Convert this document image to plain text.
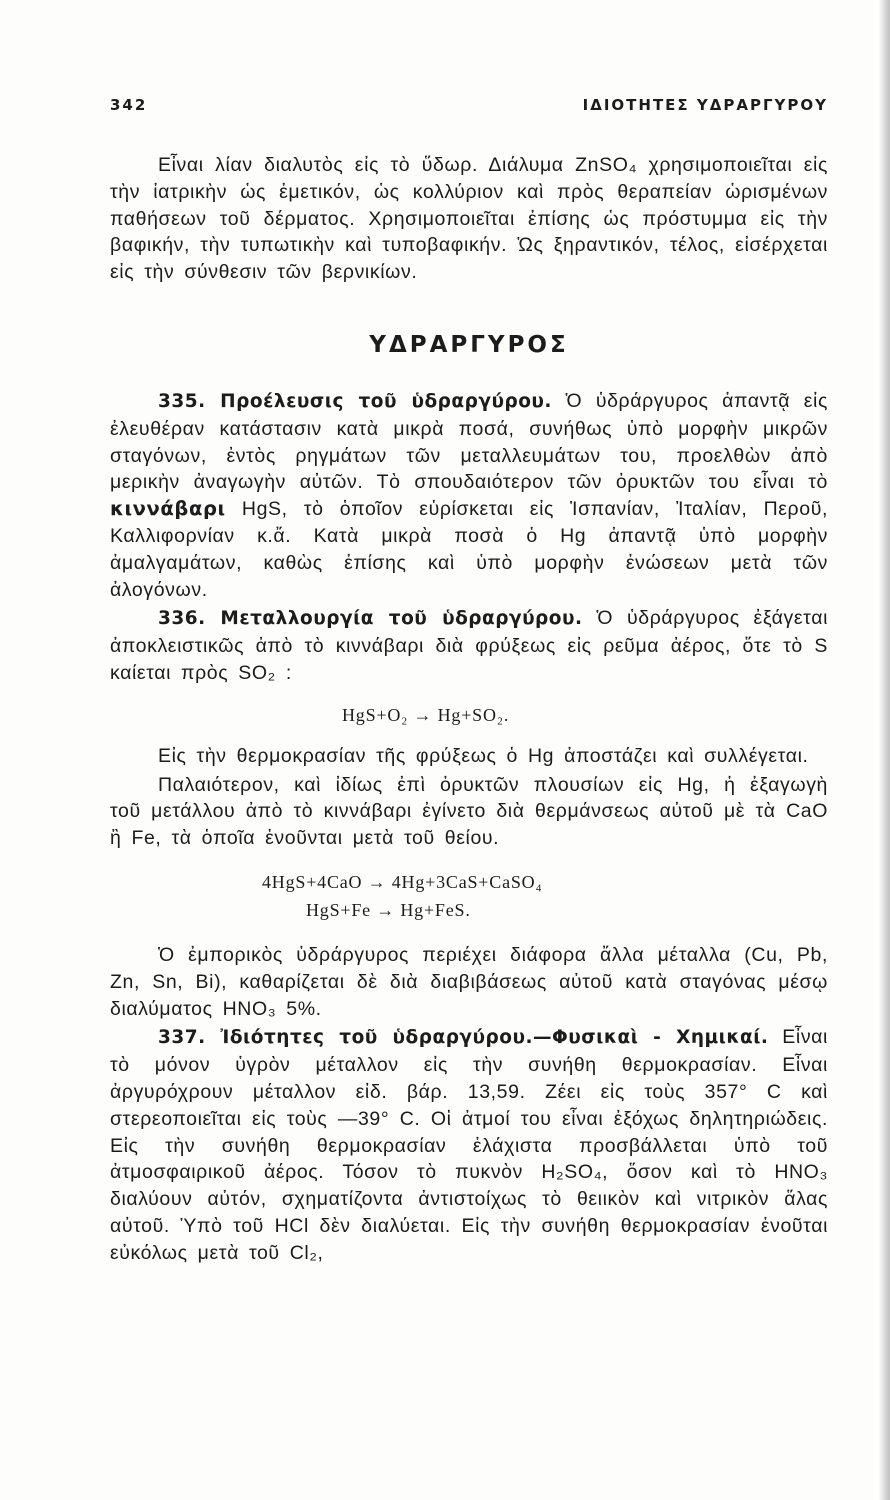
342	ΙΔΙΟΤΗΤΕΣ ΥΔΡΑΡΓΥΡΟΥ

Εἶναι λίαν διαλυτὸς εἰς τὸ ὕδωρ. Διάλυμα ZnSO₄ χρησιμοποιεῖται εἰς τὴν ἰατρικὴν ὡς ἐμετικόν, ὡς κολλύριον καὶ πρὸς θεραπείαν ὡρισμένων παθήσεων τοῦ δέρματος. Χρησιμοποιεῖται ἐπίσης ὡς πρόστυμμα εἰς τὴν βαφικήν, τὴν τυπωτικὴν καὶ τυποβαφικήν. Ὡς ξηραντικόν, τέλος, εἰσέρχεται εἰς τὴν σύνθεσιν τῶν βερνικίων.

ΥΔΡΑΡΓΥΡΟΣ

335. Προέλευσις τοῦ ὑδραργύρου. Ὁ ὑδράργυρος ἀπαντᾷ εἰς ἐλευθέραν κατάστασιν κατὰ μικρὰ ποσά, συνήθως ὑπὸ μορφὴν μικρῶν σταγόνων, ἐντὸς ρηγμάτων τῶν μεταλλευμάτων του, προελθὼν ἀπὸ μερικὴν ἀναγωγὴν αὐτῶν. Τὸ σπουδαιότερον τῶν ὀρυκτῶν του εἶναι τὸ κιννάβαρι HgS, τὸ ὁποῖον εὑρίσκεται εἰς Ἱσπανίαν, Ἰταλίαν, Περοῦ, Καλλιφορνίαν κ.ἄ. Κατὰ μικρὰ ποσὰ ὁ Hg ἀπαντᾷ ὑπὸ μορφὴν ἀμαλγαμάτων, καθὼς ἐπίσης καὶ ὑπὸ μορφὴν ἐνώσεων μετὰ τῶν ἀλογόνων.

336. Μεταλλουργία τοῦ ὑδραργύρου. Ὁ ὑδράργυρος ἐξάγεται ἀποκλειστικῶς ἀπὸ τὸ κιννάβαρι διὰ φρύξεως εἰς ρεῦμα ἀέρος, ὅτε τὸ S καίεται πρὸς SO₂ :

HgS+O₂ → Hg+SO₂.

Εἰς τὴν θερμοκρασίαν τῆς φρύξεως ὁ Hg ἀποστάζει καὶ συλλέγεται.

Παλαιότερον, καὶ ἰδίως ἐπὶ ὀρυκτῶν πλουσίων εἰς Hg, ἡ ἐξαγωγὴ τοῦ μετάλλου ἀπὸ τὸ κιννάβαρι ἐγίνετο διὰ θερμάνσεως αὐτοῦ μὲ τὰ CaO ἢ Fe, τὰ ὁποῖα ἑνοῦνται μετὰ τοῦ θείου.

4HgS+4CaO → 4Hg+3CaS+CaSO₄

HgS+Fe → Hg+FeS.

Ὁ ἐμπορικὸς ὑδράργυρος περιέχει διάφορα ἄλλα μέταλλα (Cu, Pb, Zn, Sn, Bi), καθαρίζεται δὲ διὰ διαβιβάσεως αὐτοῦ κατὰ σταγόνας μέσῳ διαλύματος HNO₃ 5%.

337. Ἰδιότητες τοῦ ὑδραργύρου.—Φυσικαὶ - Χημικαί. Εἶναι τὸ μόνον ὑγρὸν μέταλλον εἰς τὴν συνήθη θερμοκρασίαν. Εἶναι ἀργυρόχρουν μέταλλον εἰδ. βάρ. 13,59. Ζέει εἰς τοὺς 357° C καὶ στερεοποιεῖται εἰς τοὺς —39° C. Οἱ ἀτμοί του εἶναι ἐξόχως δηλητηριώδεις. Εἰς τὴν συνήθη θερμοκρασίαν ἐλάχιστα προσβάλλεται ὑπὸ τοῦ ἀτμοσφαιρικοῦ ἀέρος. Τόσον τὸ πυκνὸν H₂SO₄, ὅσον καὶ τὸ HNO₃ διαλύουν αὐτόν, σχηματίζοντα ἀντιστοίχως τὸ θειικὸν καὶ νιτρικὸν ἅλας αὐτοῦ. Ὑπὸ τοῦ HCl δὲν διαλύεται. Εἰς τὴν συνήθη θερμοκρασίαν ἑνοῦται εὐκόλως μετὰ τοῦ Cl₂,
